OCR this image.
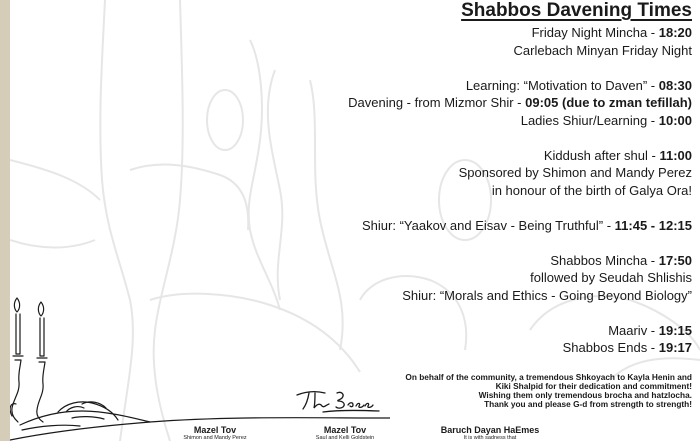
Shabbos Davening Times
Friday Night Mincha - 18:20
Carlebach Minyan Friday Night
Learning: “Motivation to Daven” - 08:30
Davening - from Mizmor Shir - 09:05 (due to zman tefillah)
Ladies Shiur/Learning - 10:00
Kiddush after shul - 11:00
Sponsored by Shimon and Mandy Perez
in honour of the birth of Galya Ora!
Shiur: “Yaakov and Eisav - Being Truthful” - 11:45 - 12:15
Shabbos Mincha - 17:50
followed by Seudah Shlishis
Shiur: “Morals and Ethics - Going Beyond Biology”
Maariv - 19:15
Shabbos Ends - 19:17
On behalf of the community, a tremendous Shkoyach to Kayla Henin and
Kiki Shalpid for their dedication and commitment!
Wishing them only tremendous brocha and hatzlocha.
Thank you and please G-d from strength to strength!
Mazel Tov
Shimon and Mandy Perez
Mazel Tov
Saul and Kelli Goldstein
Baruch Dayan HaEmes
It is with sadness that
